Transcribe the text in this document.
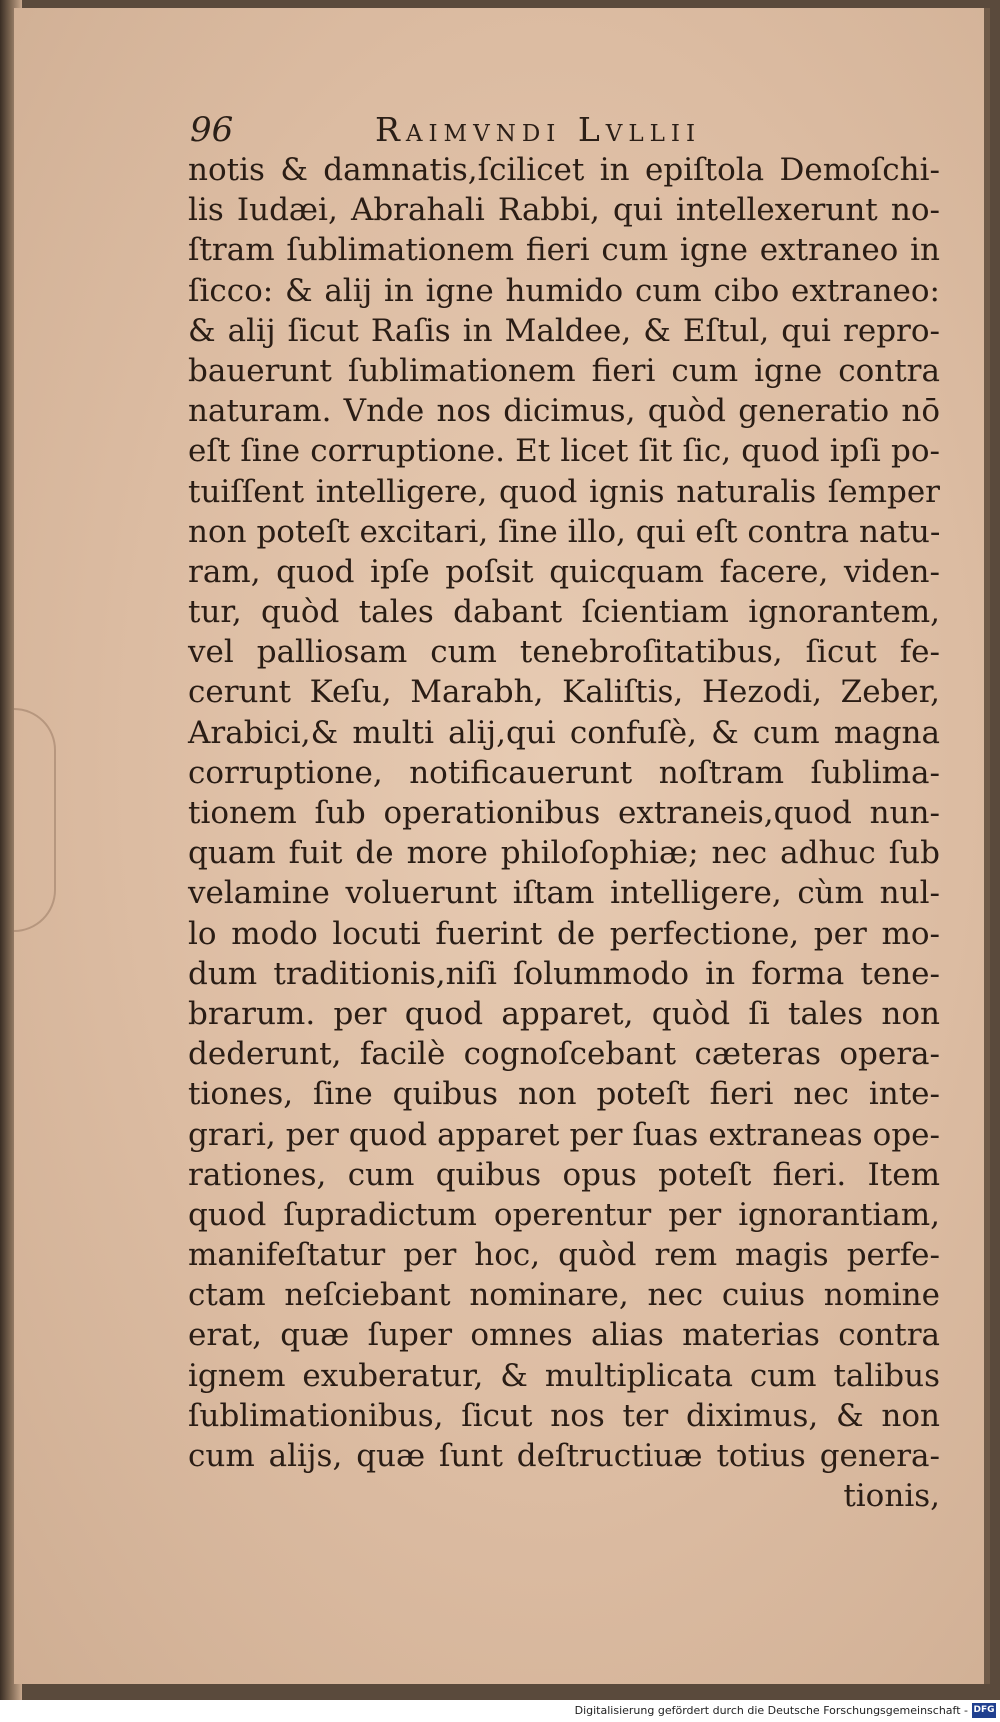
96	Raimvndi Lvllii
notis & damnatis,ſcilicet in epiſtola Demoſchi-
lis Iudæi, Abrahali Rabbi, qui intellexerunt no-
ſtram ſublimationem fieri cum igne extraneo in
ſicco: & alij in igne humido cum cibo extraneo:
& alij ſicut Raſis in Maldee, & Eſtul, qui repro-
bauerunt ſublimationem fieri cum igne contra
naturam. Vnde nos dicimus, quòd generatio nō
eſt ſine corruptione. Et licet ſit ſic, quod ipſi po-
tuiſſent intelligere, quod ignis naturalis ſemper
non poteſt excitari, ſine illo, qui eſt contra natu-
ram, quod ipſe poſsit quicquam facere, viden-
tur, quòd tales dabant ſcientiam ignorantem,
vel palliosam cum tenebroſitatibus, ſicut fe-
cerunt Keſu, Marabh, Kaliſtis, Hezodi, Zeber,
Arabici,& multi alij,qui confuſè, & cum magna
corruptione, notificauerunt noſtram ſublima-
tionem ſub operationibus extraneis,quod nun-
quam fuit de more philoſophiæ; nec adhuc ſub
velamine voluerunt iſtam intelligere, cùm nul-
lo modo locuti fuerint de perfectione, per mo-
dum traditionis,niſi ſolummodo in forma tene-
brarum. per quod apparet, quòd ſi tales non
dederunt, facilè cognoſcebant cæteras opera-
tiones, ſine quibus non poteſt fieri nec inte-
grari, per quod apparet per ſuas extraneas ope-
rationes, cum quibus opus poteſt fieri. Item
quod ſupradictum operentur per ignorantiam,
manifeſtatur per hoc, quòd rem magis perfe-
ctam neſciebant nominare, nec cuius nomine
erat, quæ ſuper omnes alias materias contra
ignem exuberatur, & multiplicata cum talibus
ſublimationibus, ſicut nos ter diximus, & non
cum alijs, quæ ſunt deſtructiuæ totius genera-
tionis,
Digitalisierung gefördert durch die Deutsche Forschungsgemeinschaft - DFG
